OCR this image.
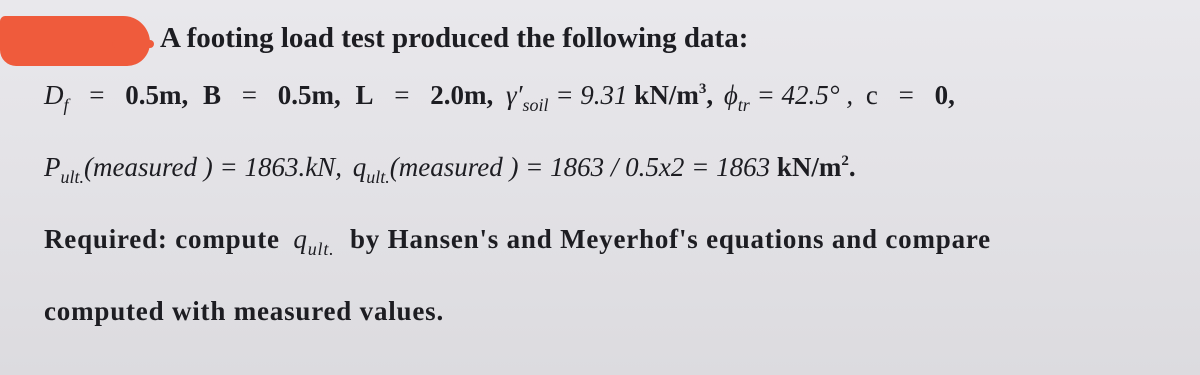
A footing load test produced the following data:
$D_f = 0.5m$, B = 0.5m, L = 2.0m, $\gamma'_{soil} = 9.31$ $kN/m^3$, $\phi_{tr} = 42.5^\circ$ , c = 0,
$P_{ult.}(measured$ ) = 1863.kN, $q_{ult.}(measured$ ) = 1863 / 0.5x2 = 1863 $kN/m^2$.
Required: compute $q_{ult.}$ by Hansen's and Meyerhof's equations and compare
computed with measured values.
